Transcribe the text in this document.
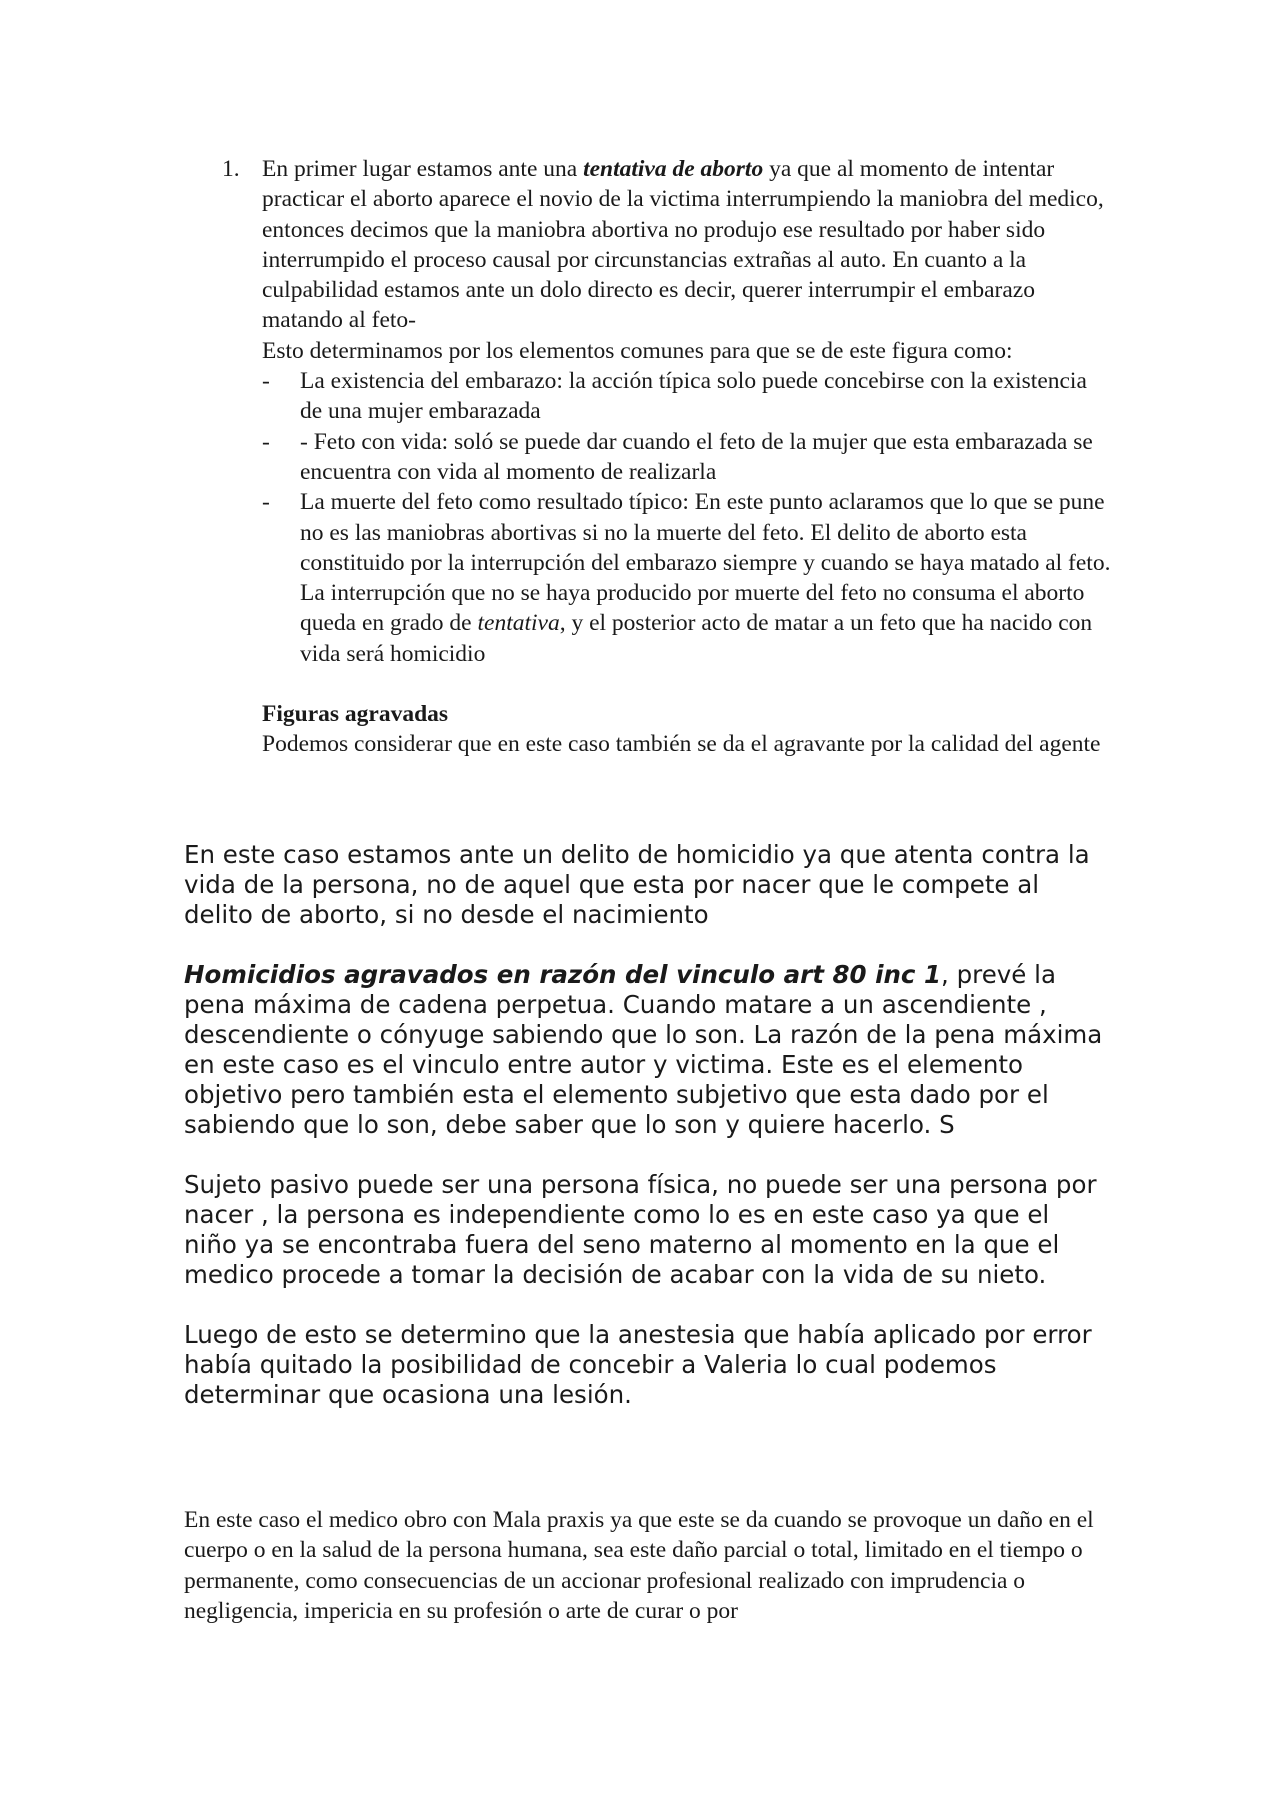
1. En primer lugar estamos ante una tentativa de aborto ya que al momento de intentar practicar el aborto aparece el novio de la victima interrumpiendo la maniobra del medico, entonces decimos que la maniobra abortiva no produjo ese resultado por haber sido interrumpido el proceso causal por circunstancias extrañas al auto. En cuanto a la culpabilidad estamos ante un dolo directo es decir, querer interrumpir el embarazo matando al feto-

Esto determinamos por los elementos comunes para que se de este figura como:

- La existencia del embarazo: la acción típica solo puede concebirse con la existencia de una mujer embarazada
- - Feto con vida: soló se puede dar cuando el feto de la mujer que esta embarazada se encuentra con vida al momento de realizarla
- La muerte del feto como resultado típico: En este punto aclaramos que lo que se pune no es las maniobras abortivas si no la muerte del feto. El delito de aborto esta constituido por la interrupción del embarazo siempre y cuando se haya matado al feto. La interrupción que no se haya producido por muerte del feto no consuma el aborto queda en grado de tentativa, y el posterior acto de matar a un feto que ha nacido con vida será homicidio

Figuras agravadas

Podemos considerar que en este caso también se da el agravante por la calidad del agente

En este caso estamos ante un delito de homicidio ya que atenta contra la vida de la persona, no de aquel que esta por nacer que le compete al delito de aborto, si no desde el nacimiento

Homicidios agravados en razón del vinculo art 80 inc 1, prevé la pena máxima de cadena perpetua. Cuando matare a un ascendiente , descendiente o cónyuge sabiendo que lo son. La razón de la pena máxima en este caso es el vinculo entre autor y victima. Este es el elemento objetivo pero también esta el elemento subjetivo que esta dado por el sabiendo que lo son, debe saber que lo son y quiere hacerlo. S

Sujeto pasivo puede ser una persona física, no puede ser una persona por nacer , la persona es independiente como lo es en este caso ya que el niño ya se encontraba fuera del seno materno al momento en la que el medico procede a tomar la decisión de acabar con la vida de su nieto.

Luego de esto se determino que la anestesia que había aplicado por error había quitado la posibilidad de concebir a Valeria lo cual podemos determinar que ocasiona una lesión.

En este caso el medico obro con Mala praxis ya que este se da cuando se provoque un daño en el cuerpo o en la salud de la persona humana, sea este daño parcial o total, limitado en el tiempo o permanente, como consecuencias de un accionar profesional realizado con imprudencia o negligencia, impericia en su profesión o arte de curar o por
